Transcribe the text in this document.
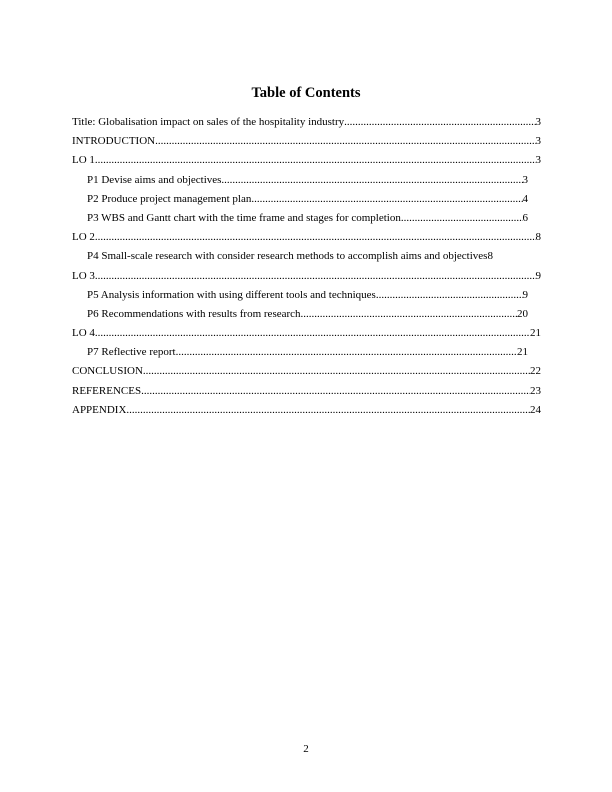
Table of Contents
Title: Globalisation impact on sales of the hospitality industry .....	3
INTRODUCTION .....	3
LO 1 .....	3
P1 Devise aims and objectives .....	3
P2 Produce project management plan .....	4
P3 WBS and Gantt chart with the time frame and stages for completion .....	6
LO 2 .....	8
P4 Small-scale research with consider research methods to accomplish aims and objectives 8
LO 3 .....	9
P5 Analysis information with using different tools and techniques .....	9
P6 Recommendations with results from research .....	20
LO 4 .....	21
P7 Reflective report .....	21
CONCLUSION .....	22
REFERENCES .....	23
APPENDIX .....	24
2
